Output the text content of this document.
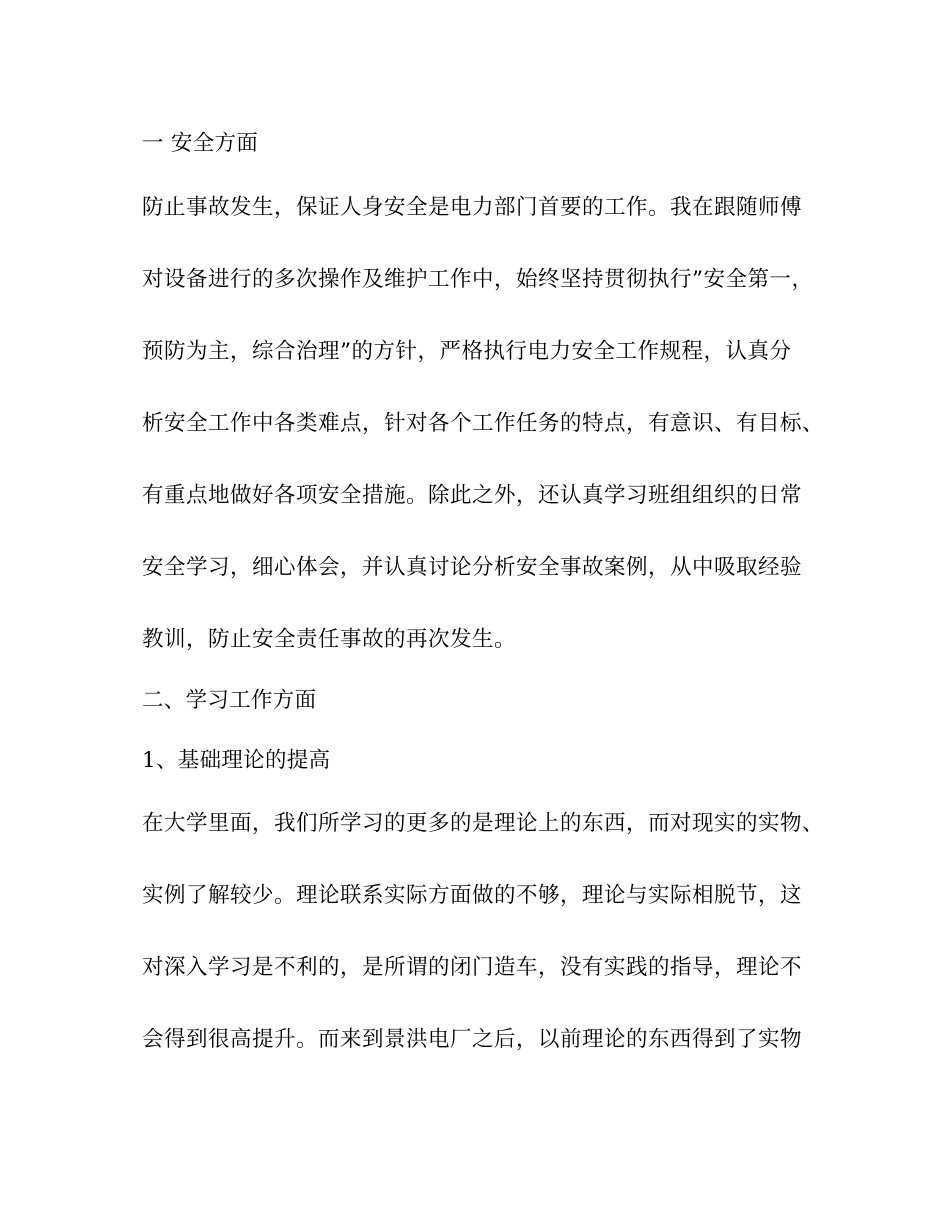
一 安全方面
防止事故发生，保证人身安全是电力部门首要的工作。我在跟随师傅
对设备进行的多次操作及维护工作中，始终坚持贯彻执行”安全第一，
预防为主，综合治理”的方针，严格执行电力安全工作规程，认真分
析安全工作中各类难点，针对各个工作任务的特点，有意识、有目标、
有重点地做好各项安全措施。除此之外，还认真学习班组组织的日常
安全学习，细心体会，并认真讨论分析安全事故案例，从中吸取经验
教训，防止安全责任事故的再次发生。
二、学习工作方面
1、基础理论的提高
在大学里面，我们所学习的更多的是理论上的东西，而对现实的实物、
实例了解较少。理论联系实际方面做的不够，理论与实际相脱节，这
对深入学习是不利的，是所谓的闭门造车，没有实践的指导，理论不
会得到很高提升。而来到景洪电厂之后，以前理论的东西得到了实物
